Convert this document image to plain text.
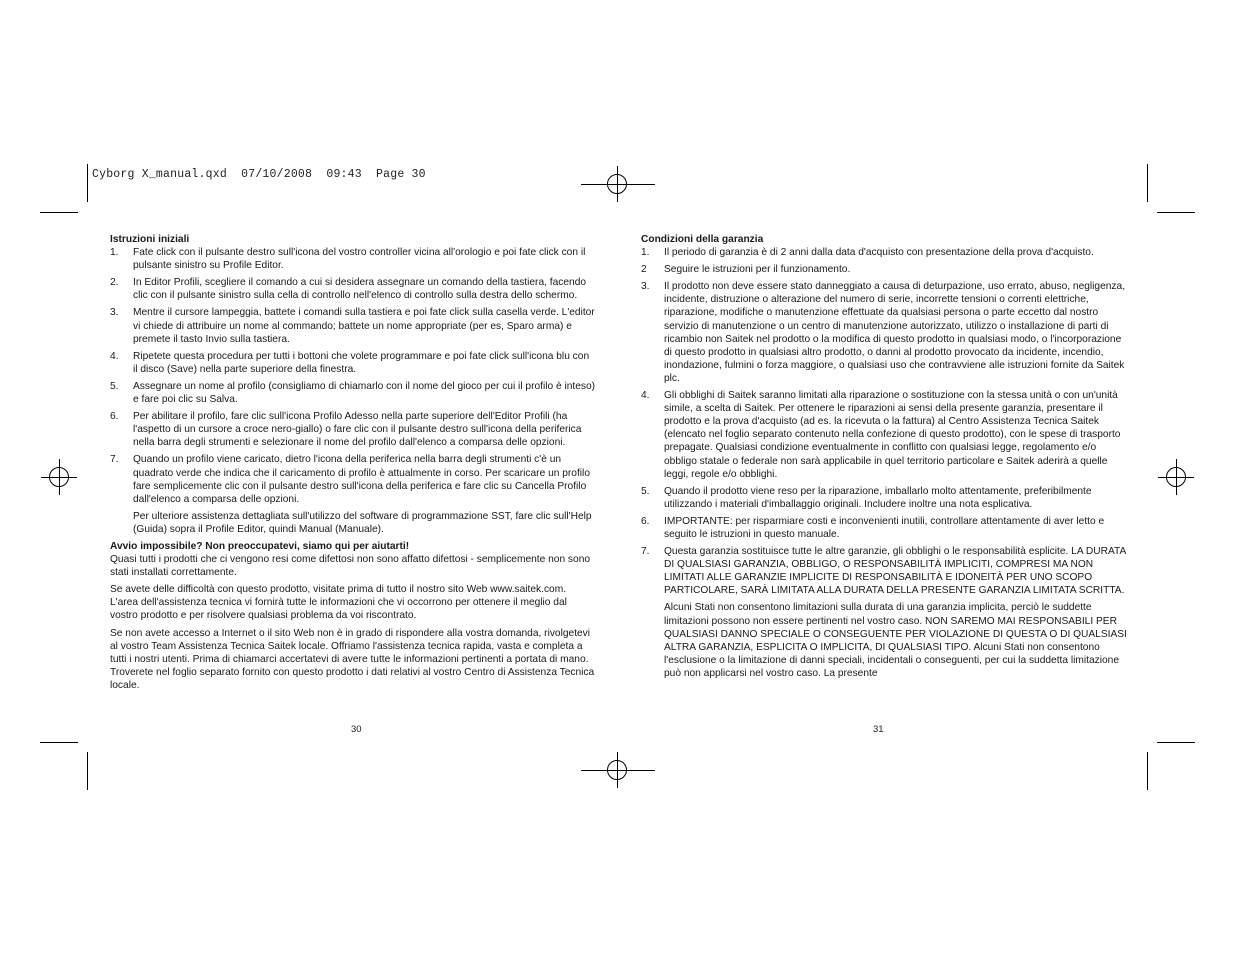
Cyborg X_manual.qxd  07/10/2008  09:43  Page 30
Istruzioni iniziali
1. Fate click con il pulsante destro sull'icona del vostro controller vicina all'orologio e poi fate click con il pulsante sinistro su Profile Editor.
2. In Editor Profili, scegliere il comando a cui si desidera assegnare un comando della tastiera, facendo clic con il pulsante sinistro sulla cella di controllo nell'elenco di controllo sulla destra dello schermo.
3. Mentre il cursore lampeggia, battete i comandi sulla tastiera e poi fate click sulla casella verde. L'editor vi chiede di attribuire un nome al commando; battete un nome appropriate (per es, Sparo arma) e premete il tasto Invio sulla tastiera.
4. Ripetete questa procedura per tutti i bottoni che volete programmare e poi fate click sull'icona blu con il disco (Save) nella parte superiore della finestra.
5. Assegnare un nome al profilo (consigliamo di chiamarlo con il nome del gioco per cui il profilo è inteso) e fare poi clic su Salva.
6. Per abilitare il profilo, fare clic sull'icona Profilo Adesso nella parte superiore dell'Editor Profili (ha l'aspetto di un cursore a croce nero-giallo) o fare clic con il pulsante destro sull'icona della periferica nella barra degli strumenti e selezionare il nome del profilo dall'elenco a comparsa delle opzioni.
7. Quando un profilo viene caricato, dietro l'icona della periferica nella barra degli strumenti c'è un quadrato verde che indica che il caricamento di profilo è attualmente in corso. Per scaricare un profilo fare semplicemente clic con il pulsante destro sull'icona della periferica e fare clic su Cancella Profilo dall'elenco a comparsa delle opzioni.

Per ulteriore assistenza dettagliata sull'utilizzo del software di programmazione SST, fare clic sull'Help (Guida) sopra il Profile Editor, quindi Manual (Manuale).

Avvio impossibile? Non preoccupatevi, siamo qui per aiutarti!

Quasi tutti i prodotti che ci vengono resi come difettosi non sono affatto difettosi - semplicemente non sono stati installati correttamente.

Se avete delle difficoltà con questo prodotto, visitate prima di tutto il nostro sito Web www.saitek.com. L'area dell'assistenza tecnica vi fornirà tutte le informazioni che vi occorrono per ottenere il meglio dal vostro prodotto e per risolvere qualsiasi problema da voi riscontrato.

Se non avete accesso a Internet o il sito Web non è in grado di rispondere alla vostra domanda, rivolgetevi al vostro Team Assistenza Tecnica Saitek locale. Offriamo l'assistenza tecnica rapida, vasta e completa a tutti i nostri utenti. Prima di chiamarci accertatevi di avere tutte le informazioni pertinenti a portata di mano. Troverete nel foglio separato fornito con questo prodotto i dati relativi al vostro Centro di Assistenza Tecnica locale.

30
Condizioni della garanzia
1. Il periodo di garanzia è di 2 anni dalla data d'acquisto con presentazione della prova d'acquisto.
2 Seguire le istruzioni per il funzionamento.
3. Il prodotto non deve essere stato danneggiato a causa di deturpazione, uso errato, abuso, negligenza, incidente, distruzione o alterazione del numero di serie, incorrette tensioni o correnti elettriche, riparazione, modifiche o manutenzione effettuate da qualsiasi persona o parte eccetto dal nostro servizio di manutenzione o un centro di manutenzione autorizzato, utilizzo o installazione di parti di ricambio non Saitek nel prodotto o la modifica di questo prodotto in qualsiasi modo, o l'incorporazione di questo prodotto in qualsiasi altro prodotto, o danni al prodotto provocato da incidente, incendio, inondazione, fulmini o forza maggiore, o qualsiasi uso che contravviene alle istruzioni fornite da Saitek plc.
4. Gli obblighi di Saitek saranno limitati alla riparazione o sostituzione con la stessa unità o con un'unità simile, a scelta di Saitek. Per ottenere le riparazioni ai sensi della presente garanzia, presentare il prodotto e la prova d'acquisto (ad es. la ricevuta o la fattura) al Centro Assistenza Tecnica Saitek (elencato nel foglio separato contenuto nella confezione di questo prodotto), con le spese di trasporto prepagate. Qualsiasi condizione eventualmente in conflitto con qualsiasi legge, regolamento e/o obbligo statale o federale non sarà applicabile in quel territorio particolare e Saitek aderirà a quelle leggi, regole e/o obblighi.
5. Quando il prodotto viene reso per la riparazione, imballarlo molto attentamente, preferibilmente utilizzando i materiali d'imballaggio originali. Includere inoltre una nota esplicativa.
6. IMPORTANTE: per risparmiare costi e inconvenienti inutili, controllare attentamente di aver letto e seguito le istruzioni in questo manuale.
7. Questa garanzia sostituisce tutte le altre garanzie, gli obblighi o le responsabilità esplicite. LA DURATA DI QUALSIASI GARANZIA, OBBLIGO, O RESPONSABILITÀ IMPLICITI, COMPRESI MA NON LIMITATI ALLE GARANZIE IMPLICITE DI RESPONSABILITÀ E IDONEITÀ PER UNO SCOPO PARTICOLARE, SARÀ LIMITATA ALLA DURATA DELLA PRESENTE GARANZIA LIMITATA SCRITTA.

Alcuni Stati non consentono limitazioni sulla durata di una garanzia implicita, perciò le suddette limitazioni possono non essere pertinenti nel vostro caso. NON SAREMO MAI RESPONSABILI PER QUALSIASI DANNO SPECIALE O CONSEGUENTE PER VIOLAZIONE DI QUESTA O DI QUALSIASI ALTRA GARANZIA, ESPLICITA O IMPLICITA, DI QUALSIASI TIPO. Alcuni Stati non consentono l'esclusione o la limitazione di danni speciali, incidentali o conseguenti, per cui la suddetta limitazione può non applicarsi nel vostro caso. La presente

31
